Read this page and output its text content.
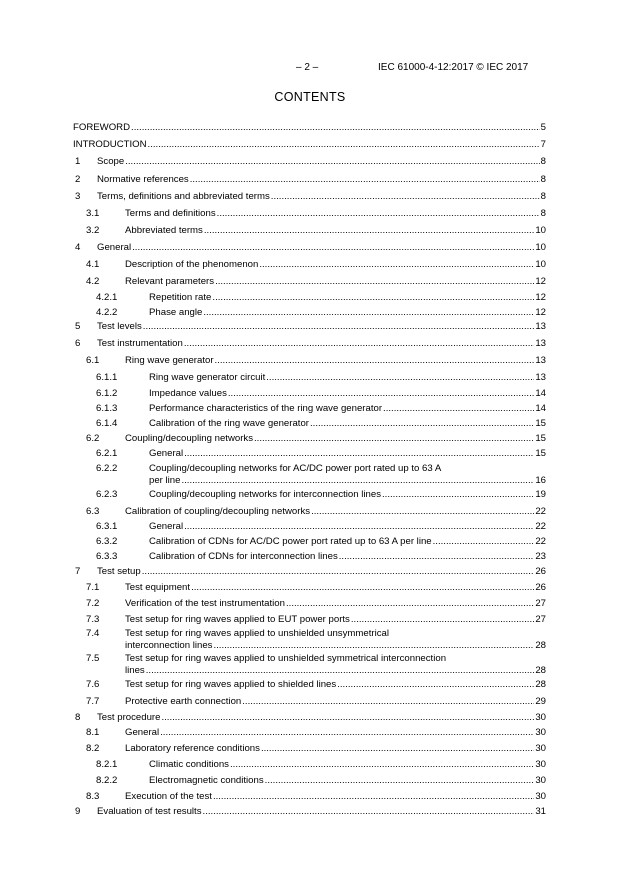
– 2 –	IEC 61000-4-12:2017 © IEC 2017
CONTENTS
FOREWORD .....	5
INTRODUCTION .....	7
1 Scope .....	8
2 Normative references .....	8
3 Terms, definitions and abbreviated terms .....	8
3.1	Terms and definitions .....	8
3.2	Abbreviated terms .....	10
4 General .....	10
4.1	Description of the phenomenon .....	10
4.2	Relevant parameters .....	12
4.2.1	Repetition rate .....	12
4.2.2	Phase angle .....	12
5 Test levels .....	13
6 Test instrumentation .....	13
6.1	Ring wave generator .....	13
6.1.1	Ring wave generator circuit .....	13
6.1.2	Impedance values .....	14
6.1.3	Performance characteristics of the ring wave generator .....	14
6.1.4	Calibration of the ring wave generator .....	15
6.2	Coupling/decoupling networks .....	15
6.2.1	General .....	15
6.2.2	Coupling/decoupling networks for AC/DC power port rated up to 63 A
per line .....	16
6.2.3	Coupling/decoupling networks for interconnection lines .....	19
6.3	Calibration of coupling/decoupling networks .....	22
6.3.1	General .....	22
6.3.2	Calibration of CDNs for AC/DC power port rated up to 63 A per line .....	22
6.3.3	Calibration of CDNs for interconnection lines .....	23
7 Test setup .....	26
7.1	Test equipment .....	26
7.2	Verification of the test instrumentation .....	27
7.3	Test setup for ring waves applied to EUT power ports .....	27
7.4	Test setup for ring waves applied to unshielded unsymmetrical
interconnection lines .....	28
7.5	Test setup for ring waves applied to unshielded symmetrical interconnection
lines .....	28
7.6	Test setup for ring waves applied to shielded lines .....	28
7.7	Protective earth connection .....	29
8 Test procedure .....	30
8.1	General .....	30
8.2	Laboratory reference conditions .....	30
8.2.1	Climatic conditions .....	30
8.2.2	Electromagnetic conditions .....	30
8.3	Execution of the test .....	30
9 Evaluation of test results .....	31
